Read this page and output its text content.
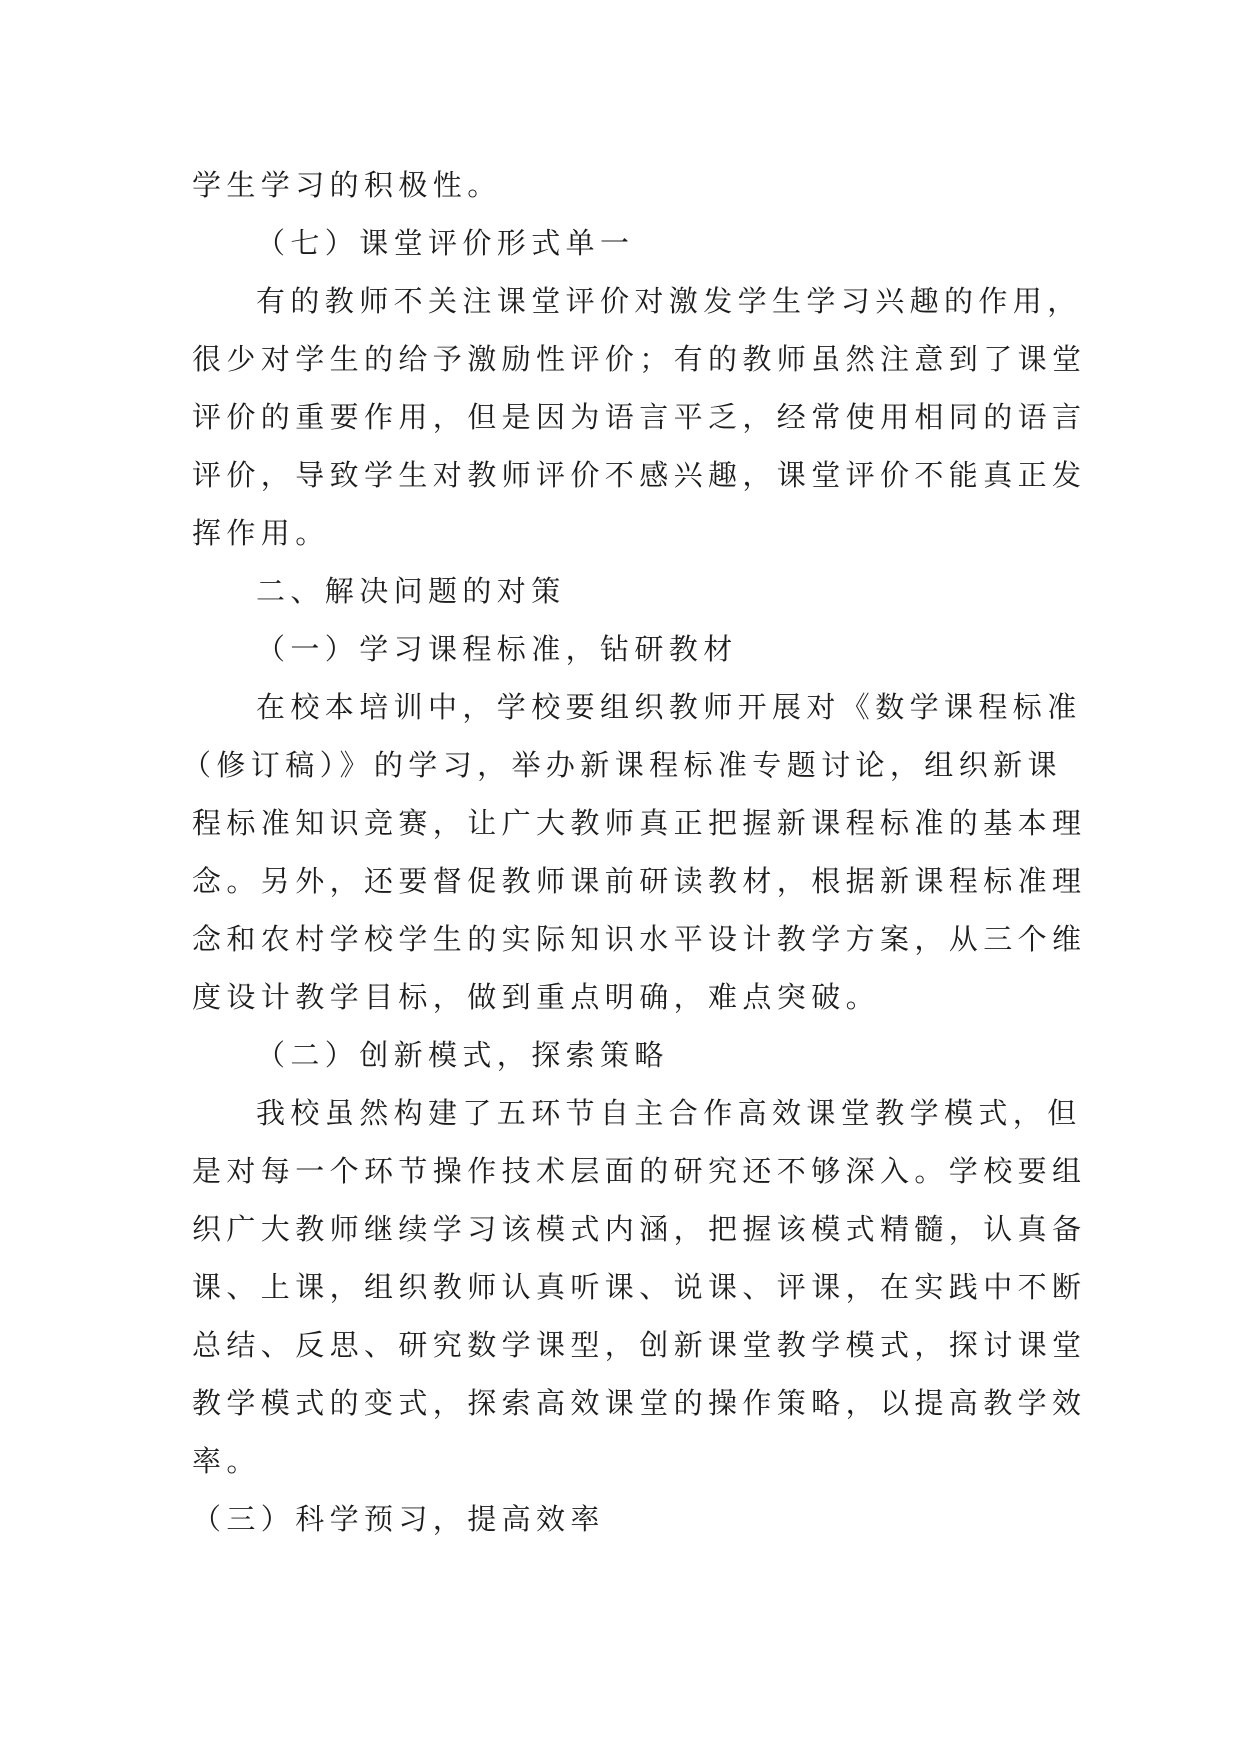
学生学习的积极性。
（七）课堂评价形式单一
有的教师不关注课堂评价对激发学生学习兴趣的作用，
很少对学生的给予激励性评价；有的教师虽然注意到了课堂
评价的重要作用，但是因为语言平乏，经常使用相同的语言
评价，导致学生对教师评价不感兴趣，课堂评价不能真正发
挥作用。
二、解决问题的对策
（一）学习课程标准，钻研教材
在校本培训中，学校要组织教师开展对《数学课程标准
（修订稿）》的学习，举办新课程标准专题讨论，组织新课
程标准知识竞赛，让广大教师真正把握新课程标准的基本理
念。另外，还要督促教师课前研读教材，根据新课程标准理
念和农村学校学生的实际知识水平设计教学方案，从三个维
度设计教学目标，做到重点明确，难点突破。
（二）创新模式，探索策略
我校虽然构建了五环节自主合作高效课堂教学模式，但
是对每一个环节操作技术层面的研究还不够深入。学校要组
织广大教师继续学习该模式内涵，把握该模式精髓，认真备
课、上课，组织教师认真听课、说课、评课，在实践中不断
总结、反思、研究数学课型，创新课堂教学模式，探讨课堂
教学模式的变式，探索高效课堂的操作策略，以提高教学效
率。
（三）科学预习，提高效率
